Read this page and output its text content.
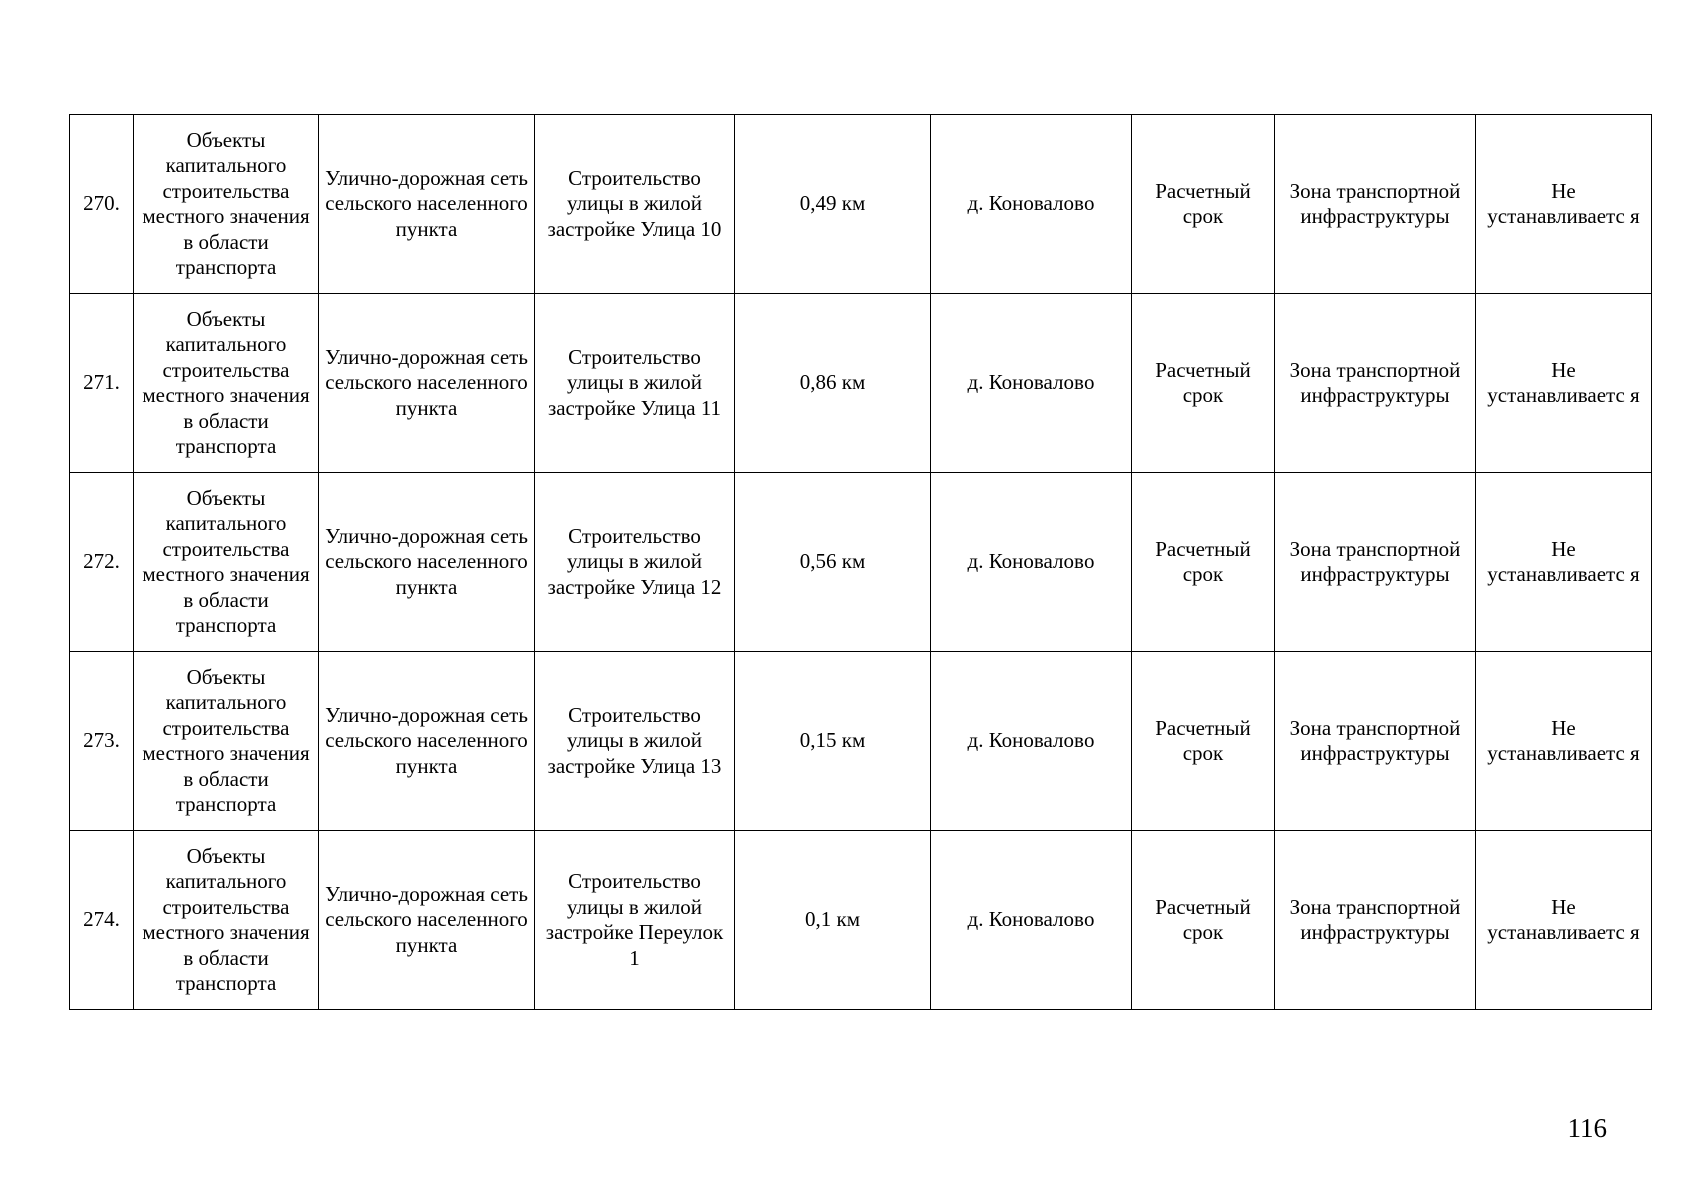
270.	Объекты капитального строительства местного значения в области транспорта	Улично-дорожная сеть сельского населенного пункта	Строительство улицы в жилой застройке Улица 10	0,49 км	д. Коноваловo	Расчетный срок	Зона транспортной инфраструктуры	Не устанавливаетс я
271.	Объекты капитального строительства местного значения в области транспорта	Улично-дорожная сеть сельского населенного пункта	Строительство улицы в жилой застройке Улица 11	0,86 км	д. Коноваловo	Расчетный срок	Зона транспортной инфраструктуры	Не устанавливаетс я
272.	Объекты капитального строительства местного значения в области транспорта	Улично-дорожная сеть сельского населенного пункта	Строительство улицы в жилой застройке Улица 12	0,56 км	д. Коноваловo	Расчетный срок	Зона транспортной инфраструктуры	Не устанавливаетс я
273.	Объекты капитального строительства местного значения в области транспорта	Улично-дорожная сеть сельского населенного пункта	Строительство улицы в жилой застройке Улица 13	0,15 км	д. Коноваловo	Расчетный срок	Зона транспортной инфраструктуры	Не устанавливаетс я
274.	Объекты капитального строительства местного значения в области транспорта	Улично-дорожная сеть сельского населенного пункта	Строительство улицы в жилой застройке Переулок 1	0,1 км	д. Коноваловo	Расчетный срок	Зона транспортной инфраструктуры	Не устанавливаетс я
116
